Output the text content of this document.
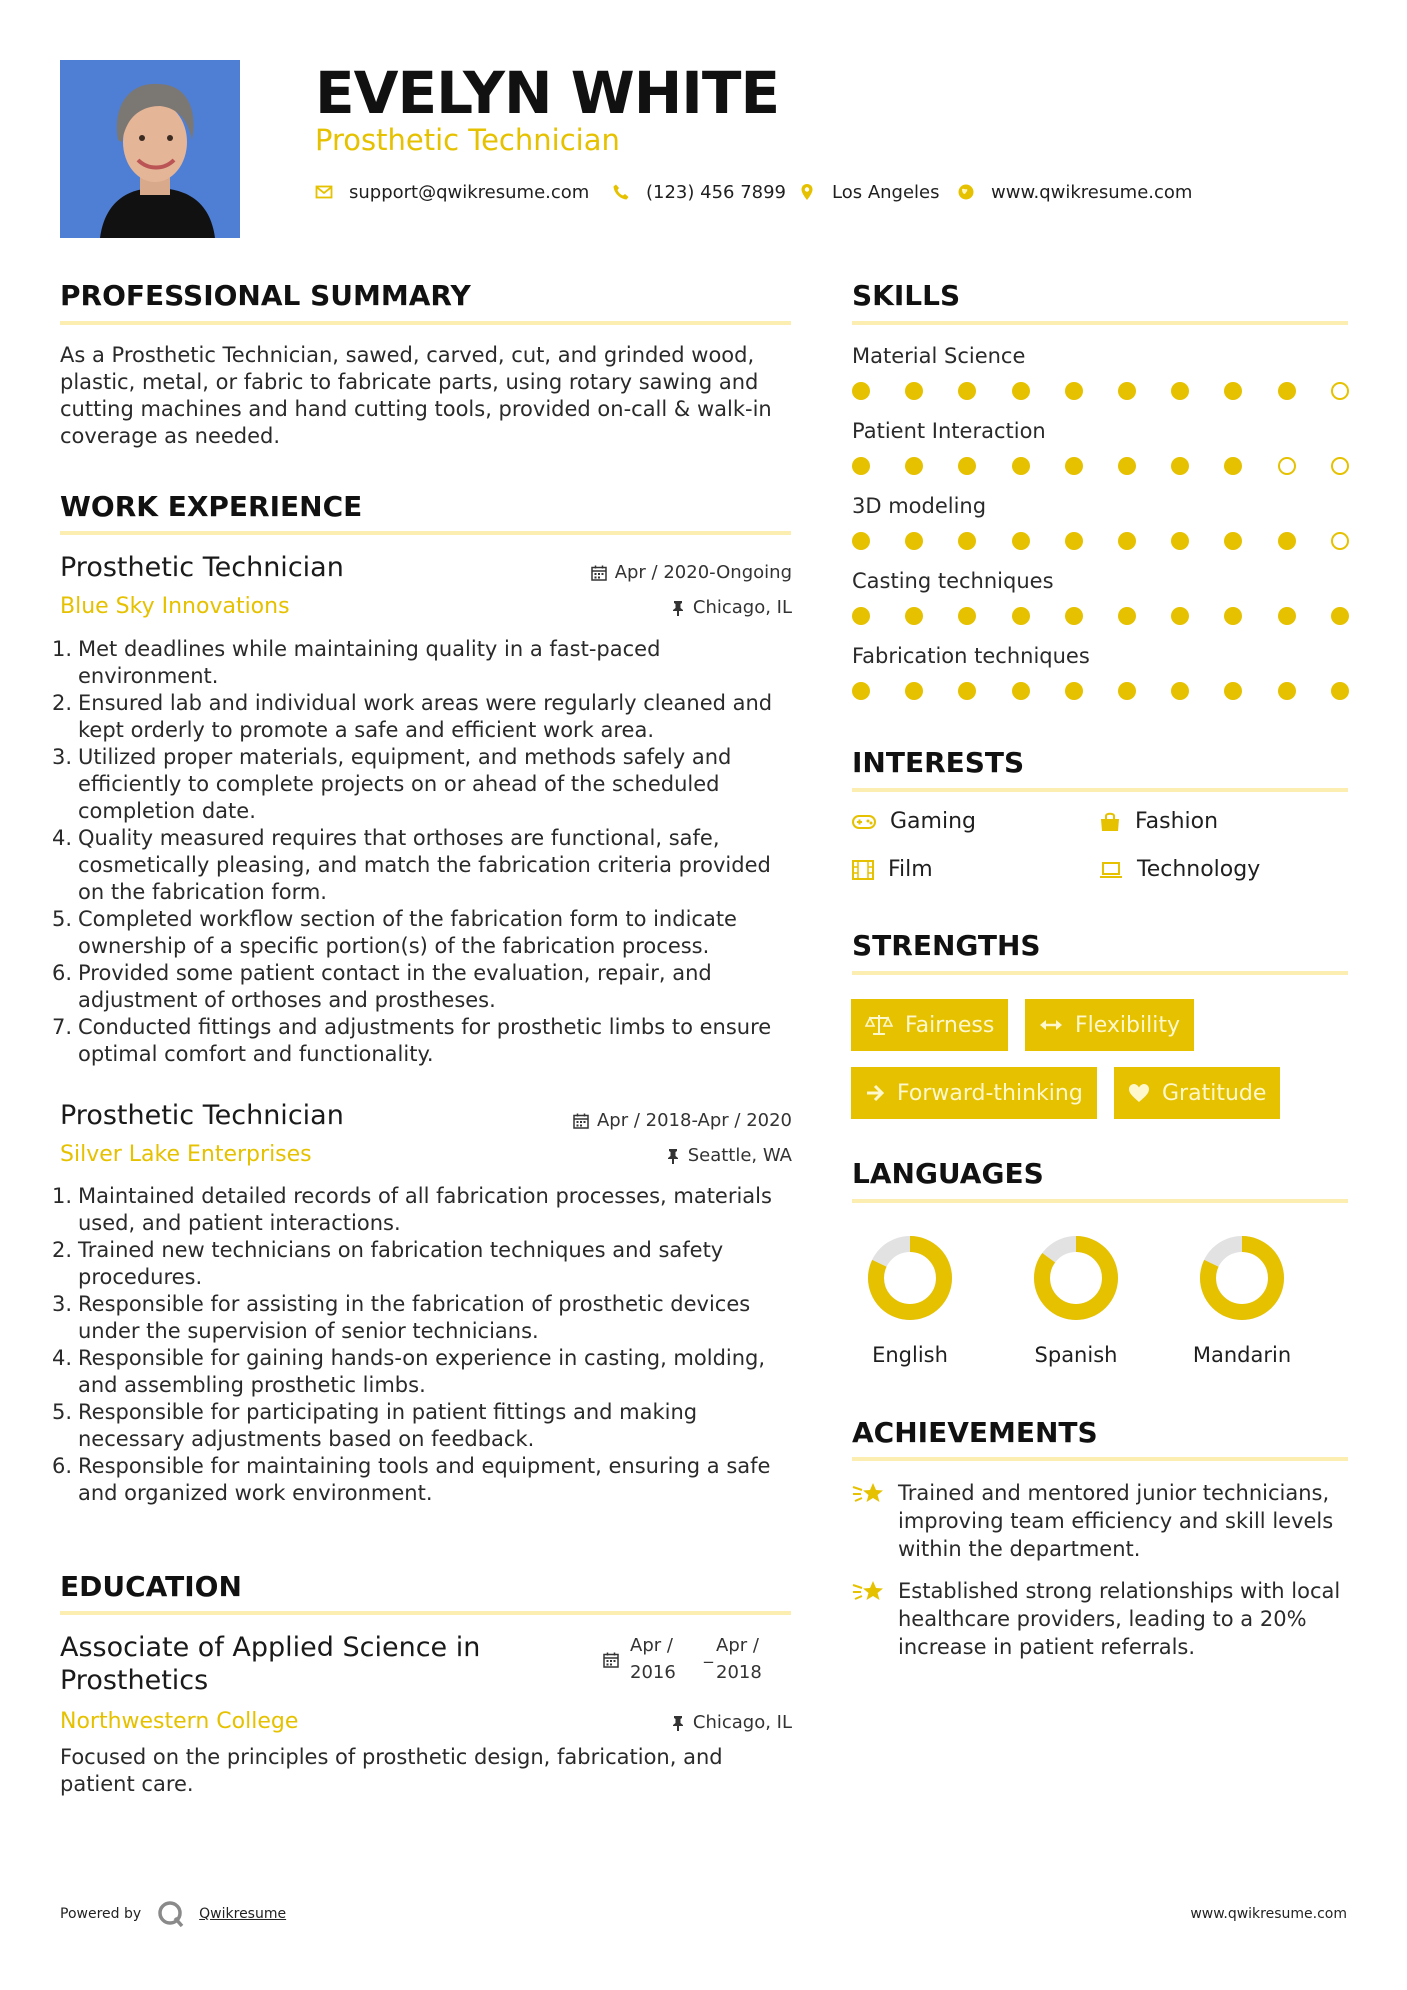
EVELYN WHITE
Prosthetic Technician
support@qwikresume.com	(123) 456 7899	Los Angeles	www.qwikresume.com
PROFESSIONAL SUMMARY
As a Prosthetic Technician, sawed, carved, cut, and grinded wood, plastic, metal, or fabric to fabricate parts, using rotary sawing and cutting machines and hand cutting tools, provided on-call & walk-in coverage as needed.
WORK EXPERIENCE
Prosthetic Technician	Apr / 2020-Ongoing
Blue Sky Innovations	Chicago, IL
1. Met deadlines while maintaining quality in a fast-paced environment.
2. Ensured lab and individual work areas were regularly cleaned and kept orderly to promote a safe and efficient work area.
3. Utilized proper materials, equipment, and methods safely and efficiently to complete projects on or ahead of the scheduled completion date.
4. Quality measured requires that orthoses are functional, safe, cosmetically pleasing, and match the fabrication criteria provided on the fabrication form.
5. Completed workflow section of the fabrication form to indicate ownership of a specific portion(s) of the fabrication process.
6. Provided some patient contact in the evaluation, repair, and adjustment of orthoses and prostheses.
7. Conducted fittings and adjustments for prosthetic limbs to ensure optimal comfort and functionality.
Prosthetic Technician	Apr / 2018-Apr / 2020
Silver Lake Enterprises	Seattle, WA
1. Maintained detailed records of all fabrication processes, materials used, and patient interactions.
2. Trained new technicians on fabrication techniques and safety procedures.
3. Responsible for assisting in the fabrication of prosthetic devices under the supervision of senior technicians.
4. Responsible for gaining hands-on experience in casting, molding, and assembling prosthetic limbs.
5. Responsible for participating in patient fittings and making necessary adjustments based on feedback.
6. Responsible for maintaining tools and equipment, ensuring a safe and organized work environment.
EDUCATION
Associate of Applied Science in
Prosthetics
Apr /
2016
_ Apr /
2018
Northwestern College	Chicago, IL
Focused on the principles of prosthetic design, fabrication, and patient care.
SKILLS
Material Science
Patient Interaction
3D modeling
Casting techniques
Fabrication techniques
INTERESTS
Gaming	Fashion
Film	Technology
STRENGTHS
Fairness	Flexibility
Forward-thinking	Gratitude
LANGUAGES
English	Spanish	Mandarin
ACHIEVEMENTS
Trained and mentored junior technicians, improving team efficiency and skill levels within the department.
Established strong relationships with local healthcare providers, leading to a 20% increase in patient referrals.
Powered by	Qwikresume	www.qwikresume.com
